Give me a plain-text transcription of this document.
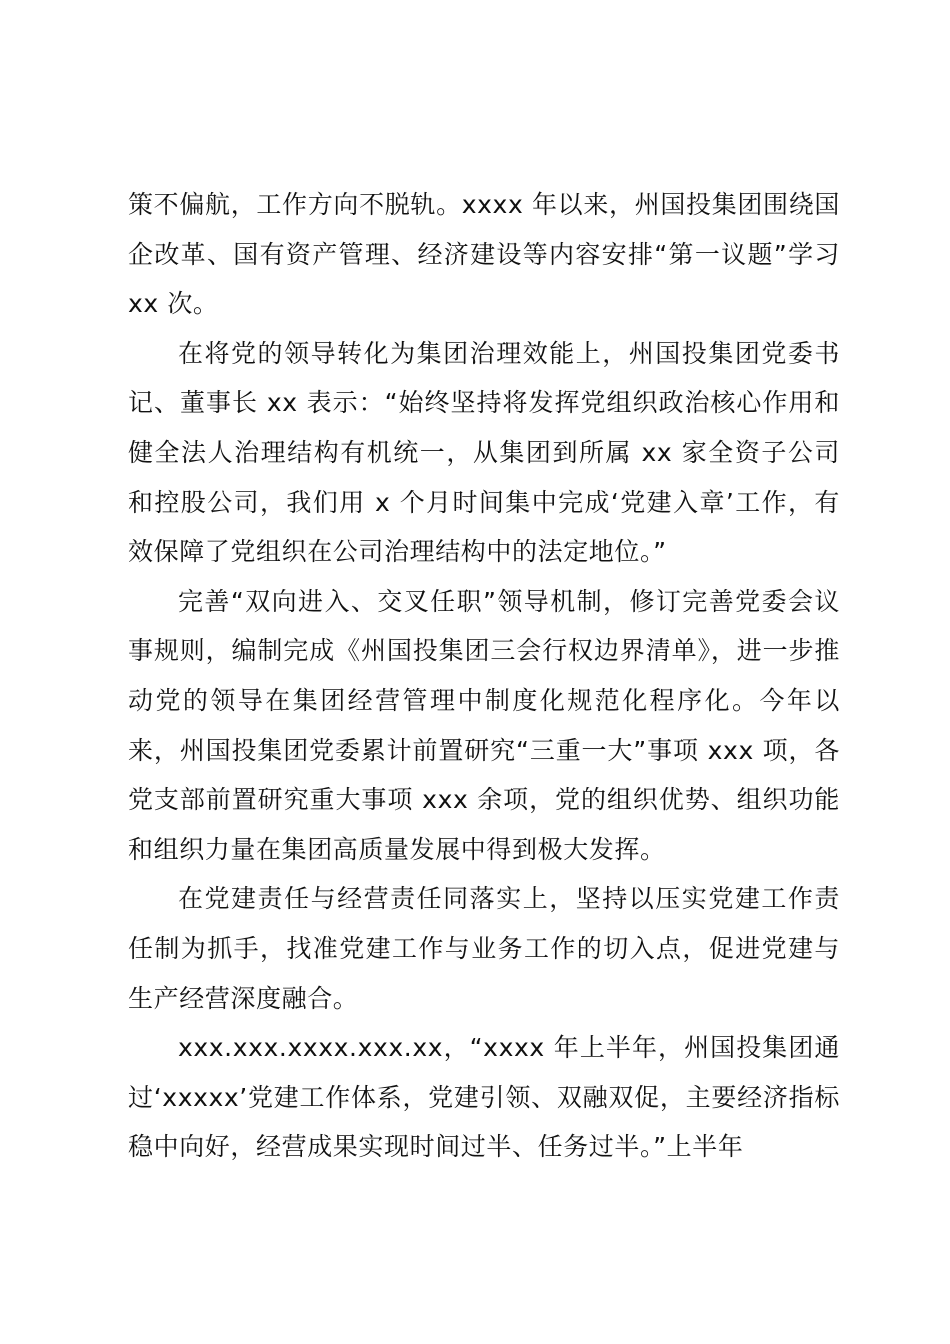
策不偏航，工作方向不脱轨。xxxx 年以来，州国投集团围绕国企改革、国有资产管理、经济建设等内容安排“第一议题”学习 xx 次。

在将党的领导转化为集团治理效能上，州国投集团党委书记、董事长 xx 表示：“始终坚持将发挥党组织政治核心作用和健全法人治理结构有机统一，从集团到所属 xx 家全资子公司和控股公司，我们用 x 个月时间集中完成‘党建入章’工作，有效保障了党组织在公司治理结构中的法定地位。”

完善“双向进入、交叉任职”领导机制，修订完善党委会议事规则，编制完成《州国投集团三会行权边界清单》，进一步推动党的领导在集团经营管理中制度化规范化程序化。今年以来，州国投集团党委累计前置研究“三重一大”事项 xxx 项，各党支部前置研究重大事项 xxx 余项，党的组织优势、组织功能和组织力量在集团高质量发展中得到极大发挥。

在党建责任与经营责任同落实上，坚持以压实党建工作责任制为抓手，找准党建工作与业务工作的切入点，促进党建与生产经营深度融合。

xxx.xxx.xxxx.xxx.xx，“xxxx 年上半年，州国投集团通过‘xxxxx’党建工作体系，党建引领、双融双促，主要经济指标稳中向好，经营成果实现时间过半、任务过半。”上半年
